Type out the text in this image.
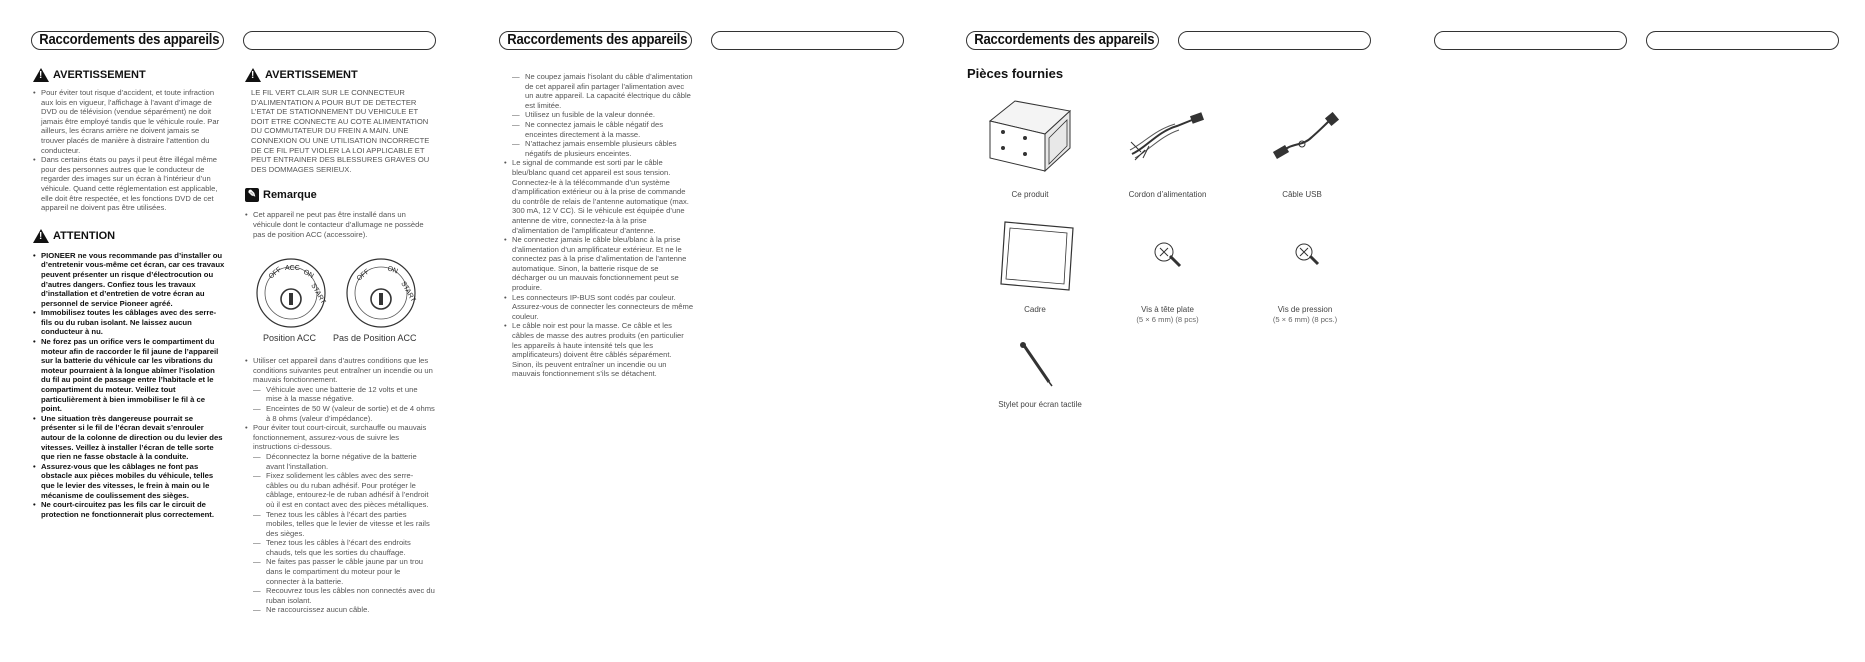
Raccordements des appareils	Raccordements des appareils	Raccordements des appareils
!
AVERTISSEMENT
• Pour éviter tout risque d’accident, et toute infraction aux lois en vigueur, l’affichage à l’avant d’image de DVD ou de télévision (vendue séparément) ne doit jamais être employé tandis que le véhicule roule. Par ailleurs, les écrans arrière ne doivent jamais se trouver placés de manière à distraire l’attention du conducteur.
• Dans certains états ou pays il peut être illégal même pour des personnes autres que le conducteur de regarder des images sur un écran à l’intérieur d’un véhicule. Quand cette réglementation est applicable, elle doit être respectée, et les fonctions DVD de cet appareil ne doivent pas être utilisées.
!
ATTENTION
• PIONEER ne vous recommande pas d’installer ou d’entretenir vous-même cet écran, car ces travaux peuvent présenter un risque d’électrocution ou d’autres dangers. Confiez tous les travaux d’installation et d’entretien de votre écran au personnel de service Pioneer agréé.
• Immobilisez toutes les câblages avec des serre-fils ou du ruban isolant. Ne laissez aucun conducteur à nu.
• Ne forez pas un orifice vers le compartiment du moteur afin de raccorder le fil jaune de l’appareil sur la batterie du véhicule car les vibrations du moteur pourraient à la longue abîmer l’isolation du fil au point de passage entre l’habitacle et le compartiment du moteur. Veillez tout particulièrement à bien immobiliser le fil à ce point.
• Une situation très dangereuse pourrait se présenter si le fil de l’écran devait s’enrouler autour de la colonne de direction ou du levier des vitesses. Veillez à installer l’écran de telle sorte que rien ne fasse obstacle à la conduite.
• Assurez-vous que les câblages ne font pas obstacle aux pièces mobiles du véhicule, telles que le levier des vitesses, le frein à main ou le mécanisme de coulissement des sièges.
• Ne court-circuitez pas les fils car le circuit de protection ne fonctionnerait plus correctement.
!
AVERTISSEMENT
LE FIL VERT CLAIR SUR LE CONNECTEUR D’ALIMENTATION A POUR BUT DE DETECTER L’ETAT DE STATIONNEMENT DU VEHICULE ET DOIT ETRE CONNECTE AU COTE ALIMENTATION DU COMMUTATEUR DU FREIN A MAIN. UNE CONNEXION OU UNE UTILISATION INCORRECTE DE CE FIL PEUT VIOLER LA LOI APPLICABLE ET PEUT ENTRAINER DES BLESSURES GRAVES OU DES DOMMAGES SERIEUX.
✎ Remarque
• Cet appareil ne peut pas être installé dans un véhicule dont le contacteur d’allumage ne possède pas de position ACC (accessoire).
OFF ACC
ON
START
OFF ON
START
Position ACC Pas de Position ACC
• Utiliser cet appareil dans d’autres conditions que les conditions suivantes peut entraîner un incendie ou un mauvais fonctionnement.
— Véhicule avec une batterie de 12 volts et une mise à la masse négative.
— Enceintes de 50 W (valeur de sortie) et de 4 ohms à 8 ohms (valeur d’impédance).
• Pour éviter tout court-circuit, surchauffe ou mauvais fonctionnement, assurez-vous de suivre les instructions ci-dessous.
— Déconnectez la borne négative de la batterie avant l’installation.
— Fixez solidement les câbles avec des serre-câbles ou du ruban adhésif. Pour protéger le câblage, entourez-le de ruban adhésif à l’endroit où il est en contact avec des pièces métalliques.
— Tenez tous les câbles à l’écart des parties mobiles, telles que le levier de vitesse et les rails des sièges.
— Tenez tous les câbles à l’écart des endroits chauds, tels que les sorties du chauffage.
— Ne faites pas passer le câble jaune par un trou dans le compartiment du moteur pour le connecter à la batterie.
— Recouvrez tous les câbles non connectés avec du ruban isolant.
— Ne raccourcissez aucun câble.
— Ne coupez jamais l’isolant du câble d’alimentation de cet appareil afin partager l’alimentation avec un autre appareil. La capacité électrique du câble est limitée.
— Utilisez un fusible de la valeur donnée.
— Ne connectez jamais le câble négatif des enceintes directement à la masse.
— N’attachez jamais ensemble plusieurs câbles négatifs de plusieurs enceintes.
• Le signal de commande est sorti par le câble bleu/blanc quand cet appareil est sous tension. Connectez-le à la télécommande d’un système d’amplification extérieur ou à la prise de commande du contrôle de relais de l’antenne automatique (max. 300 mA, 12 V CC). Si le véhicule est équipée d’une antenne de vitre, connectez-la à la prise d’alimentation de l’amplificateur d’antenne.
• Ne connectez jamais le câble bleu/blanc à la prise d’alimentation d’un amplificateur extérieur. Et ne le connectez pas à la prise d’alimentation de l’antenne automatique. Sinon, la batterie risque de se décharger ou un mauvais fonctionnement peut se produire.
• Les connecteurs IP-BUS sont codés par couleur. Assurez-vous de connecter les connecteurs de même couleur.
• Le câble noir est pour la masse. Ce câble et les câbles de masse des autres produits (en particulier les appareils à haute intensité tels que les amplificateurs) doivent être câblés séparément. Sinon, ils peuvent entraîner un incendie ou un mauvais fonctionnement s’ils se détachent.
Pièces fournies
Ce produit	Cordon d’alimentation	Câble USB
Cadre	Vis à tête plate
(5 × 6 mm) (8 pcs)
Vis de pression
(5 × 6 mm) (8 pcs.)
Stylet pour écran tactile
